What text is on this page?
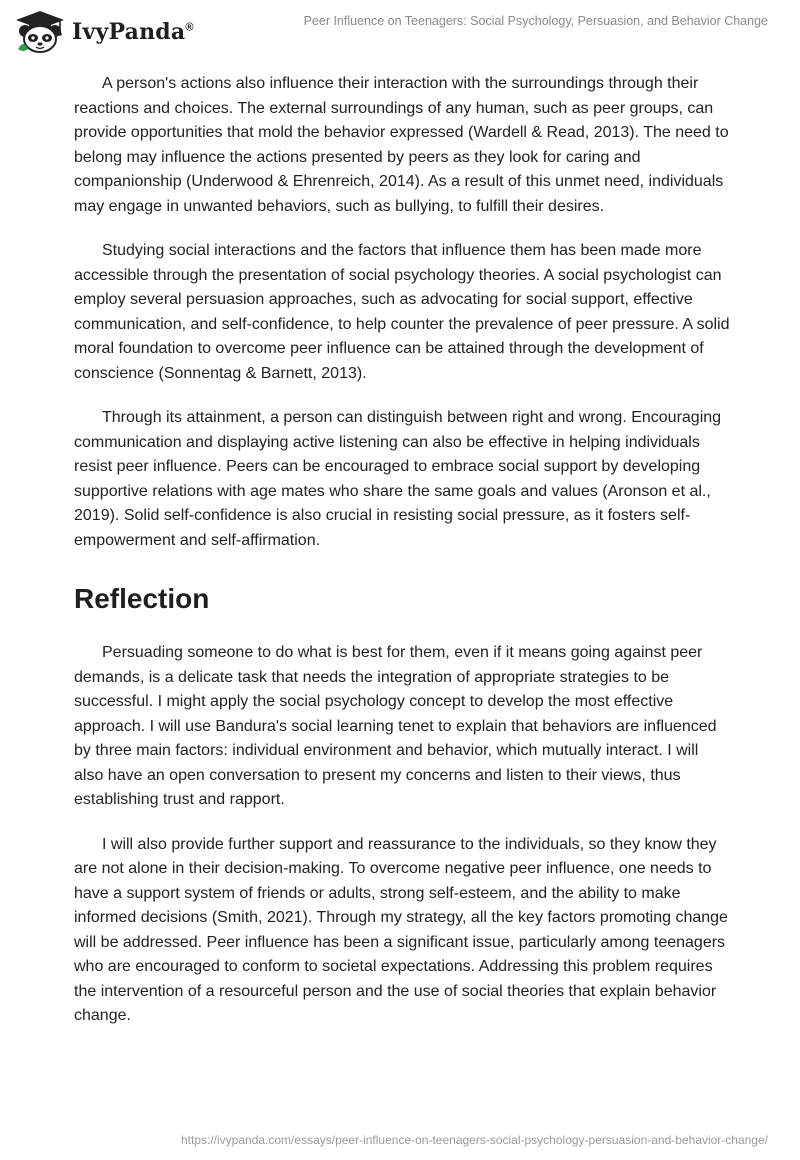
IvyPanda®	Peer Influence on Teenagers: Social Psychology, Persuasion, and Behavior Change

A person's actions also influence their interaction with the surroundings through their reactions and choices. The external surroundings of any human, such as peer groups, can provide opportunities that mold the behavior expressed (Wardell & Read, 2013). The need to belong may influence the actions presented by peers as they look for caring and companionship (Underwood & Ehrenreich, 2014). As a result of this unmet need, individuals may engage in unwanted behaviors, such as bullying, to fulfill their desires.

Studying social interactions and the factors that influence them has been made more accessible through the presentation of social psychology theories. A social psychologist can employ several persuasion approaches, such as advocating for social support, effective communication, and self-confidence, to help counter the prevalence of peer pressure. A solid moral foundation to overcome peer influence can be attained through the development of conscience (Sonnentag & Barnett, 2013).

Through its attainment, a person can distinguish between right and wrong. Encouraging communication and displaying active listening can also be effective in helping individuals resist peer influence. Peers can be encouraged to embrace social support by developing supportive relations with age mates who share the same goals and values (Aronson et al., 2019). Solid self-confidence is also crucial in resisting social pressure, as it fosters self-empowerment and self-affirmation.

Reflection

Persuading someone to do what is best for them, even if it means going against peer demands, is a delicate task that needs the integration of appropriate strategies to be successful. I might apply the social psychology concept to develop the most effective approach. I will use Bandura's social learning tenet to explain that behaviors are influenced by three main factors: individual environment and behavior, which mutually interact. I will also have an open conversation to present my concerns and listen to their views, thus establishing trust and rapport.

I will also provide further support and reassurance to the individuals, so they know they are not alone in their decision-making. To overcome negative peer influence, one needs to have a support system of friends or adults, strong self-esteem, and the ability to make informed decisions (Smith, 2021). Through my strategy, all the key factors promoting change will be addressed. Peer influence has been a significant issue, particularly among teenagers who are encouraged to conform to societal expectations. Addressing this problem requires the intervention of a resourceful person and the use of social theories that explain behavior change.

https://ivypanda.com/essays/peer-influence-on-teenagers-social-psychology-persuasion-and-behavior-change/
